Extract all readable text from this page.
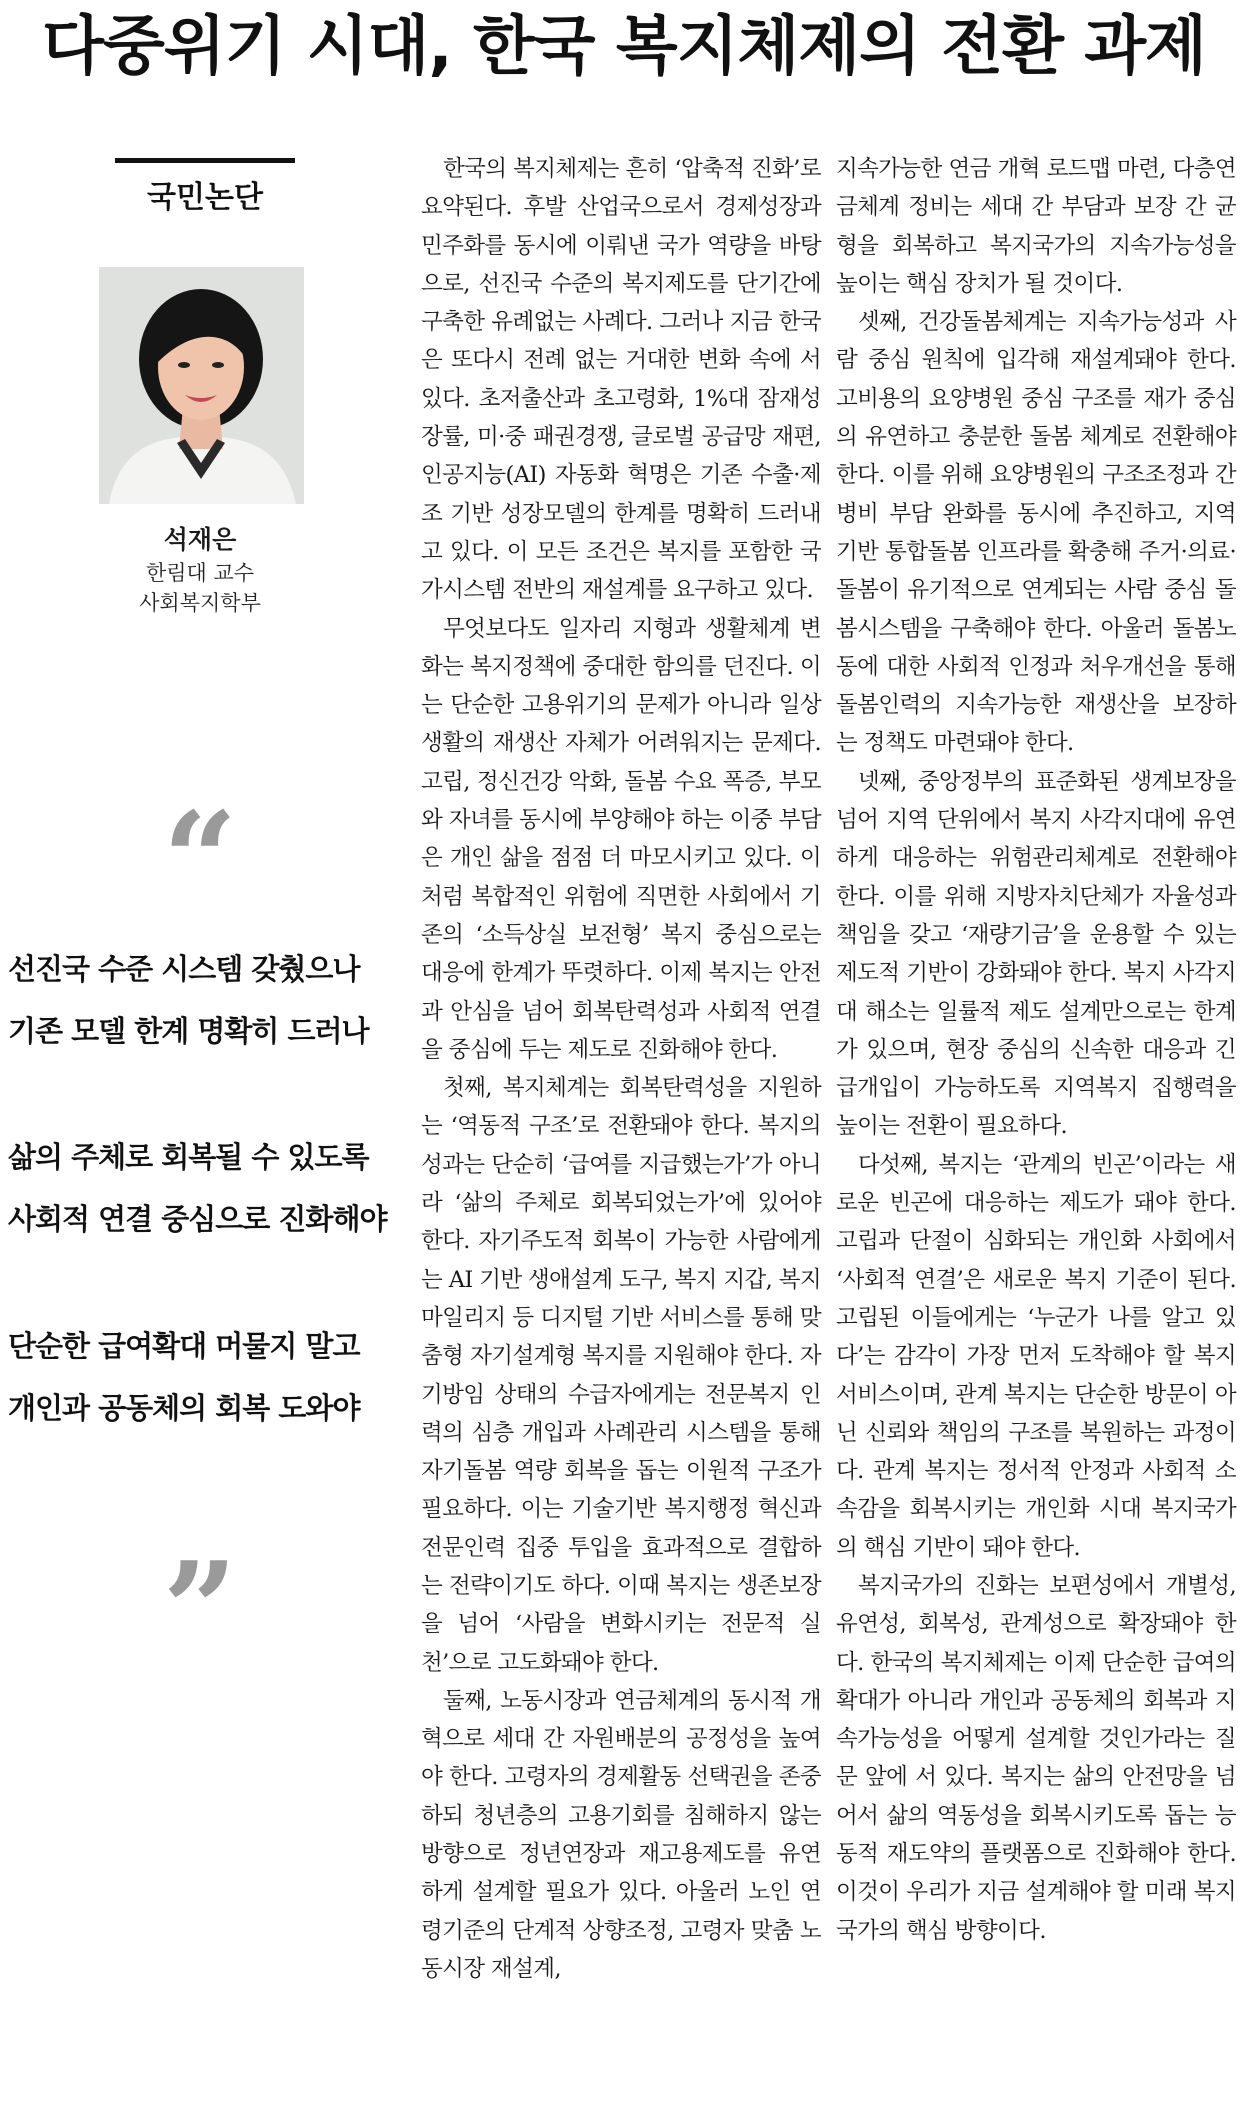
다중위기 시대, 한국 복지체제의 전환 과제
국민논단
석재은
한림대 교수
사회복지학부
“
선진국 수준 시스템 갖췄으나
기존 모델 한계 명확히 드러나
삶의 주체로 회복될 수 있도록
사회적 연결 중심으로 진화해야
단순한 급여확대 머물지 말고
개인과 공동체의 회복 도와야
”

한국의 복지체제는 흔히 ‘압축적 진화’로 요약된다. 후발 산업국으로서 경제성장과 민주화를 동시에 이뤄낸 국가 역량을 바탕으로, 선진국 수준의 복지제도를 단기간에 구축한 유례없는 사례다. 그러나 지금 한국은 또다시 전례 없는 거대한 변화 속에 서 있다. 초저출산과 초고령화, 1%대 잠재성장률, 미·중 패권경쟁, 글로벌 공급망 재편, 인공지능(AI) 자동화 혁명은 기존 수출·제조 기반 성장모델의 한계를 명확히 드러내고 있다. 이 모든 조건은 복지를 포함한 국가시스템 전반의 재설계를 요구하고 있다.

무엇보다도 일자리 지형과 생활체계 변화는 복지정책에 중대한 함의를 던진다. 이는 단순한 고용위기의 문제가 아니라 일상생활의 재생산 자체가 어려워지는 문제다. 고립, 정신건강 악화, 돌봄 수요 폭증, 부모와 자녀를 동시에 부양해야 하는 이중 부담은 개인 삶을 점점 더 마모시키고 있다. 이처럼 복합적인 위험에 직면한 사회에서 기존의 ‘소득상실 보전형’ 복지 중심으로는 대응에 한계가 뚜렷하다. 이제 복지는 안전과 안심을 넘어 회복탄력성과 사회적 연결을 중심에 두는 제도로 진화해야 한다.

첫째, 복지체계는 회복탄력성을 지원하는 ‘역동적 구조’로 전환돼야 한다. 복지의 성과는 단순히 ‘급여를 지급했는가’가 아니라 ‘삶의 주체로 회복되었는가’에 있어야 한다. 자기주도적 회복이 가능한 사람에게는 AI 기반 생애설계 도구, 복지 지갑, 복지 마일리지 등 디지털 기반 서비스를 통해 맞춤형 자기설계형 복지를 지원해야 한다. 자기방임 상태의 수급자에게는 전문복지 인력의 심층 개입과 사례관리 시스템을 통해 자기돌봄 역량 회복을 돕는 이원적 구조가 필요하다. 이는 기술기반 복지행정 혁신과 전문인력 집중 투입을 효과적으로 결합하는 전략이기도 하다. 이때 복지는 생존보장을 넘어 ‘사람을 변화시키는 전문적 실천’으로 고도화돼야 한다.

둘째, 노동시장과 연금체계의 동시적 개혁으로 세대 간 자원배분의 공정성을 높여야 한다. 고령자의 경제활동 선택권을 존중하되 청년층의 고용기회를 침해하지 않는 방향으로 정년연장과 재고용제도를 유연하게 설계할 필요가 있다. 아울러 노인 연령기준의 단계적 상향조정, 고령자 맞춤 노동시장 재설계,

지속가능한 연금 개혁 로드맵 마련, 다층연금체계 정비는 세대 간 부담과 보장 간 균형을 회복하고 복지국가의 지속가능성을 높이는 핵심 장치가 될 것이다.

셋째, 건강돌봄체계는 지속가능성과 사람 중심 원칙에 입각해 재설계돼야 한다. 고비용의 요양병원 중심 구조를 재가 중심의 유연하고 충분한 돌봄 체계로 전환해야 한다. 이를 위해 요양병원의 구조조정과 간병비 부담 완화를 동시에 추진하고, 지역 기반 통합돌봄 인프라를 확충해 주거·의료·돌봄이 유기적으로 연계되는 사람 중심 돌봄시스템을 구축해야 한다. 아울러 돌봄노동에 대한 사회적 인정과 처우개선을 통해 돌봄인력의 지속가능한 재생산을 보장하는 정책도 마련돼야 한다.

넷째, 중앙정부의 표준화된 생계보장을 넘어 지역 단위에서 복지 사각지대에 유연하게 대응하는 위험관리체계로 전환해야 한다. 이를 위해 지방자치단체가 자율성과 책임을 갖고 ‘재량기금’을 운용할 수 있는 제도적 기반이 강화돼야 한다. 복지 사각지대 해소는 일률적 제도 설계만으로는 한계가 있으며, 현장 중심의 신속한 대응과 긴급개입이 가능하도록 지역복지 집행력을 높이는 전환이 필요하다.

다섯째, 복지는 ‘관계의 빈곤’이라는 새로운 빈곤에 대응하는 제도가 돼야 한다. 고립과 단절이 심화되는 개인화 사회에서 ‘사회적 연결’은 새로운 복지 기준이 된다. 고립된 이들에게는 ‘누군가 나를 알고 있다’는 감각이 가장 먼저 도착해야 할 복지서비스이며, 관계 복지는 단순한 방문이 아닌 신뢰와 책임의 구조를 복원하는 과정이다. 관계 복지는 정서적 안정과 사회적 소속감을 회복시키는 개인화 시대 복지국가의 핵심 기반이 돼야 한다.

복지국가의 진화는 보편성에서 개별성, 유연성, 회복성, 관계성으로 확장돼야 한다. 한국의 복지체제는 이제 단순한 급여의 확대가 아니라 개인과 공동체의 회복과 지속가능성을 어떻게 설계할 것인가라는 질문 앞에 서 있다. 복지는 삶의 안전망을 넘어서 삶의 역동성을 회복시키도록 돕는 능동적 재도약의 플랫폼으로 진화해야 한다. 이것이 우리가 지금 설계해야 할 미래 복지국가의 핵심 방향이다.
